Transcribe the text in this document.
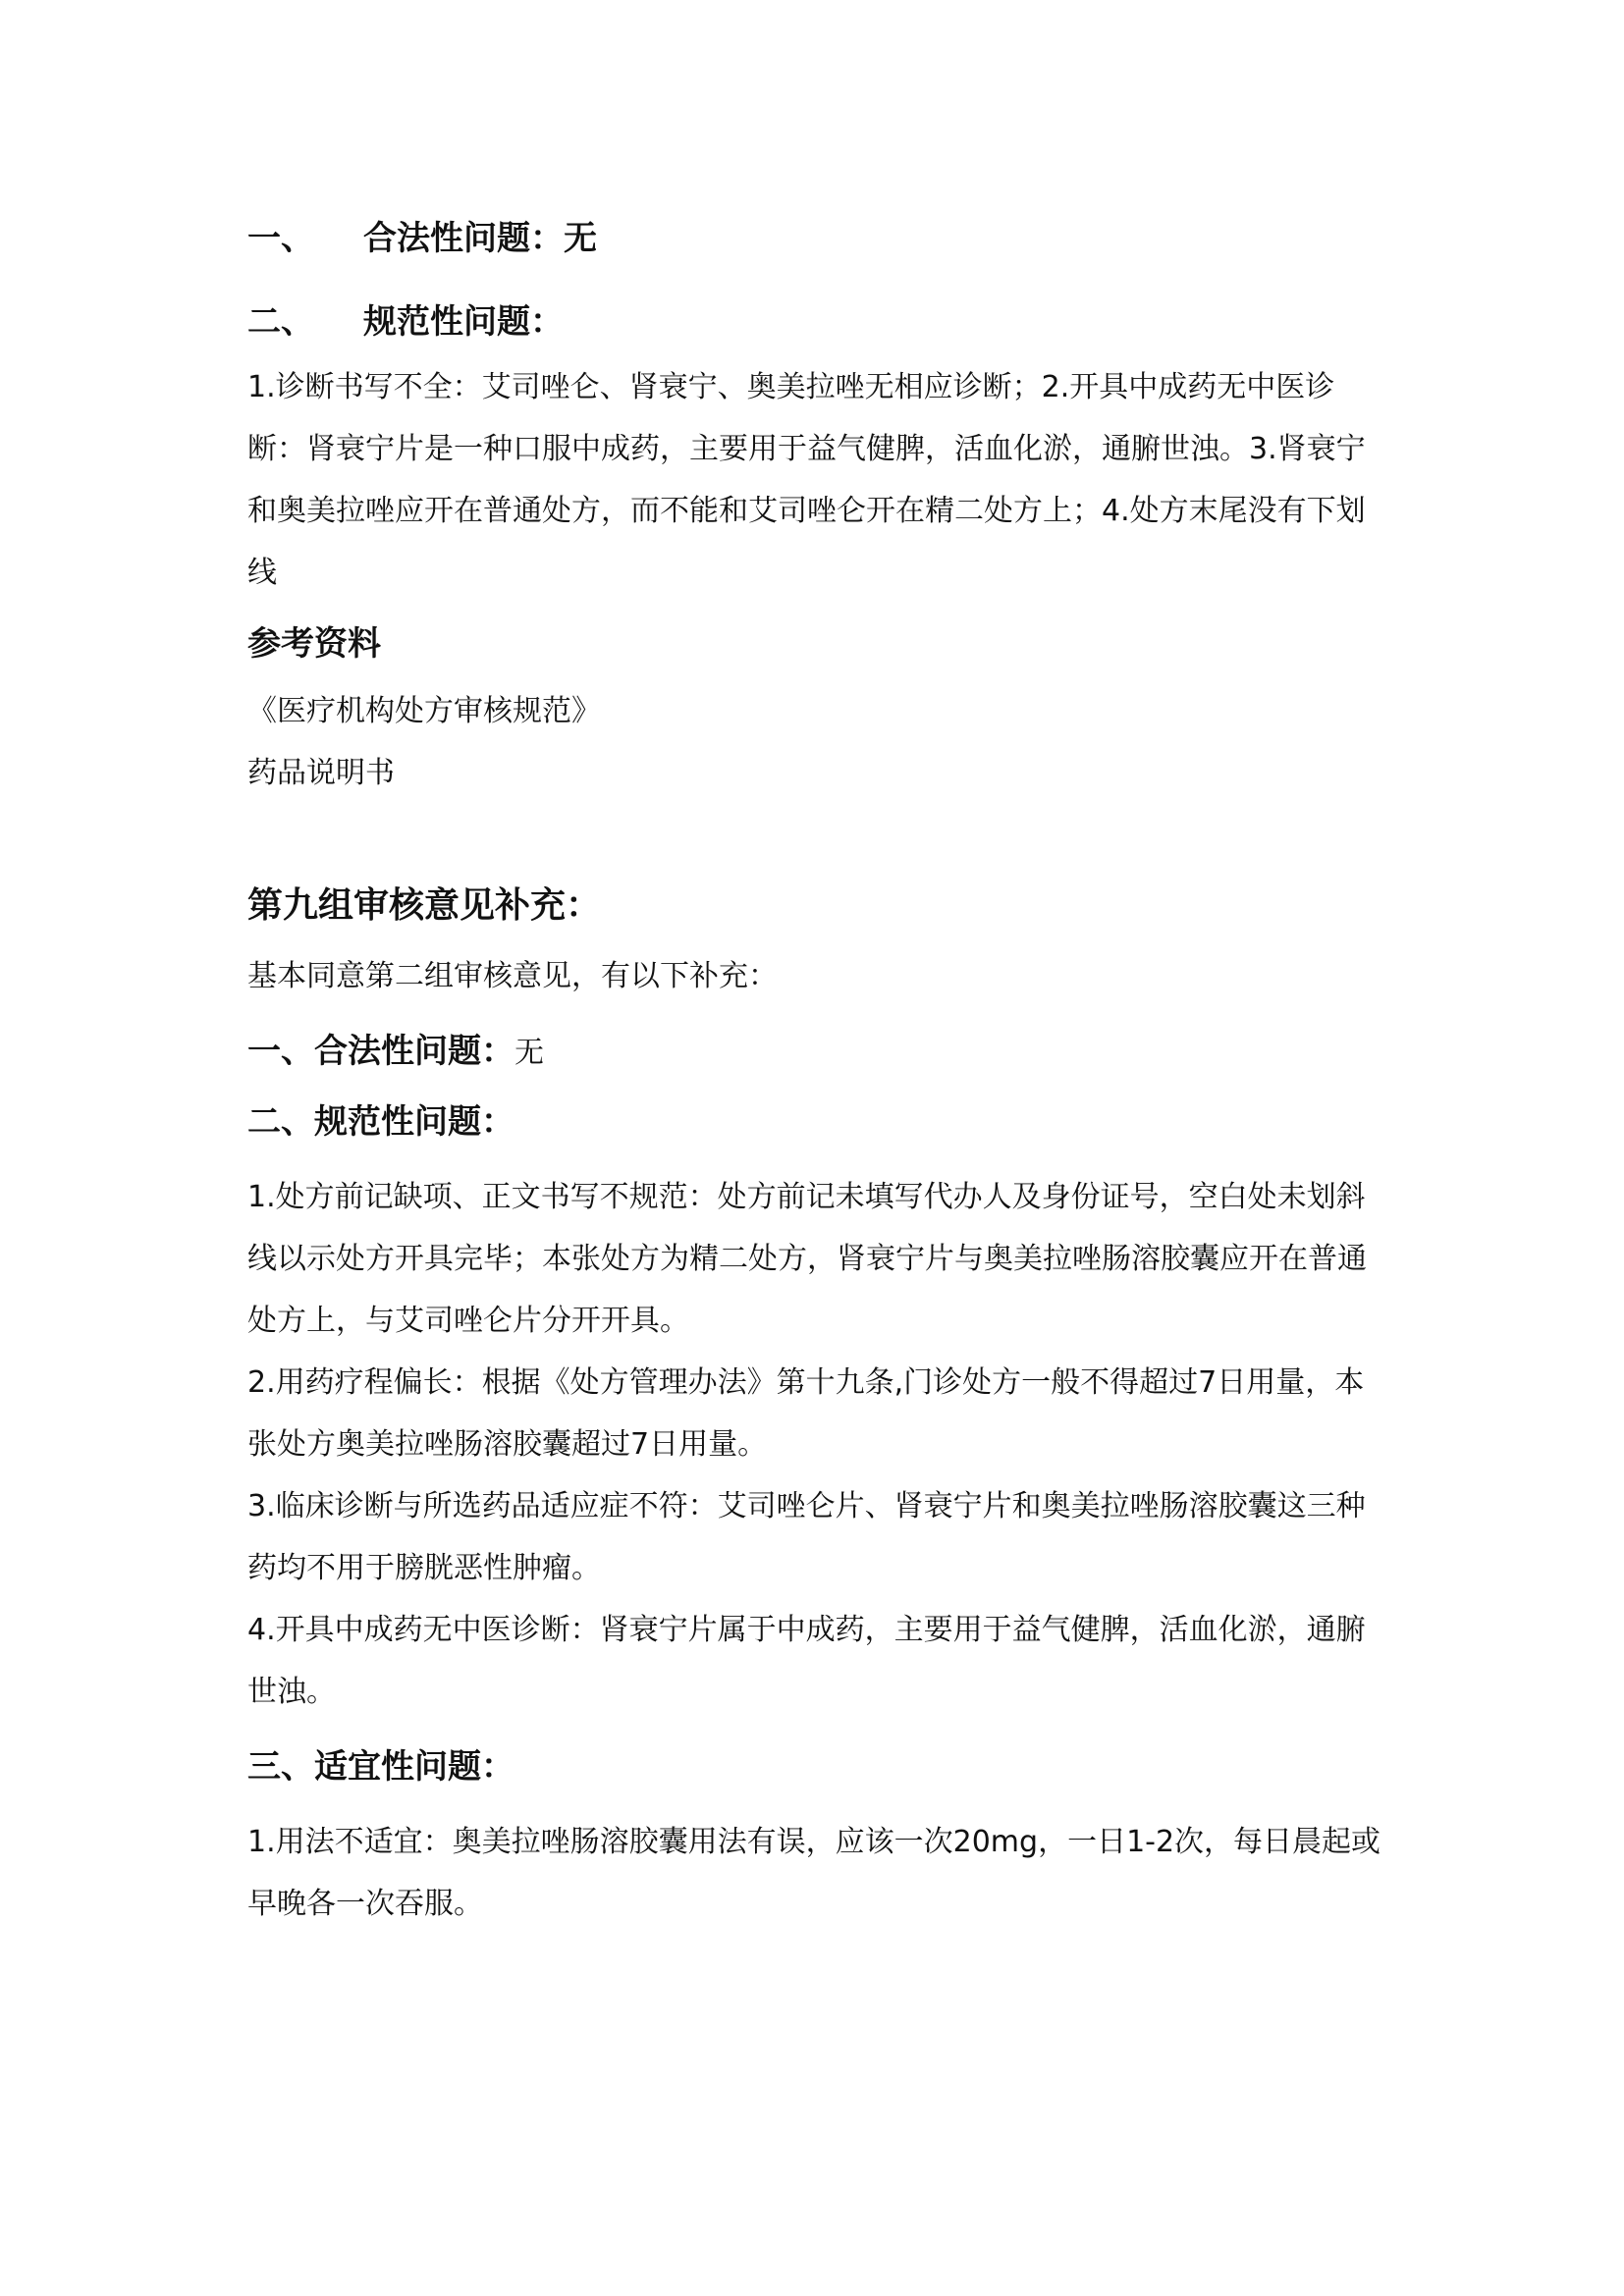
一、	合法性问题：无
二、	规范性问题：

1.诊断书写不全：艾司唑仑、肾衰宁、奥美拉唑无相应诊断；2.开具中成药无中医诊断：肾衰宁片是一种口服中成药，主要用于益气健脾，活血化淤，通腑世浊。3.肾衰宁和奥美拉唑应开在普通处方，而不能和艾司唑仑开在精二处方上；4.处方末尾没有下划线

参考资料

《医疗机构处方审核规范》

药品说明书

第九组审核意见补充：

基本同意第二组审核意见，有以下补充：

一、合法性问题：无
二、规范性问题：

1.处方前记缺项、正文书写不规范：处方前记未填写代办人及身份证号，空白处未划斜线以示处方开具完毕；本张处方为精二处方，肾衰宁片与奥美拉唑肠溶胶囊应开在普通处方上，与艾司唑仑片分开开具。

2.用药疗程偏长：根据《处方管理办法》第十九条,门诊处方一般不得超过7日用量，本张处方奥美拉唑肠溶胶囊超过7日用量。

3.临床诊断与所选药品适应症不符：艾司唑仑片、肾衰宁片和奥美拉唑肠溶胶囊这三种药均不用于膀胱恶性肿瘤。

4.开具中成药无中医诊断：肾衰宁片属于中成药，主要用于益气健脾，活血化淤，通腑世浊。

三、适宜性问题：

1.用法不适宜：奥美拉唑肠溶胶囊用法有误，应该一次20mg，一日1-2次，每日晨起或早晚各一次吞服。
